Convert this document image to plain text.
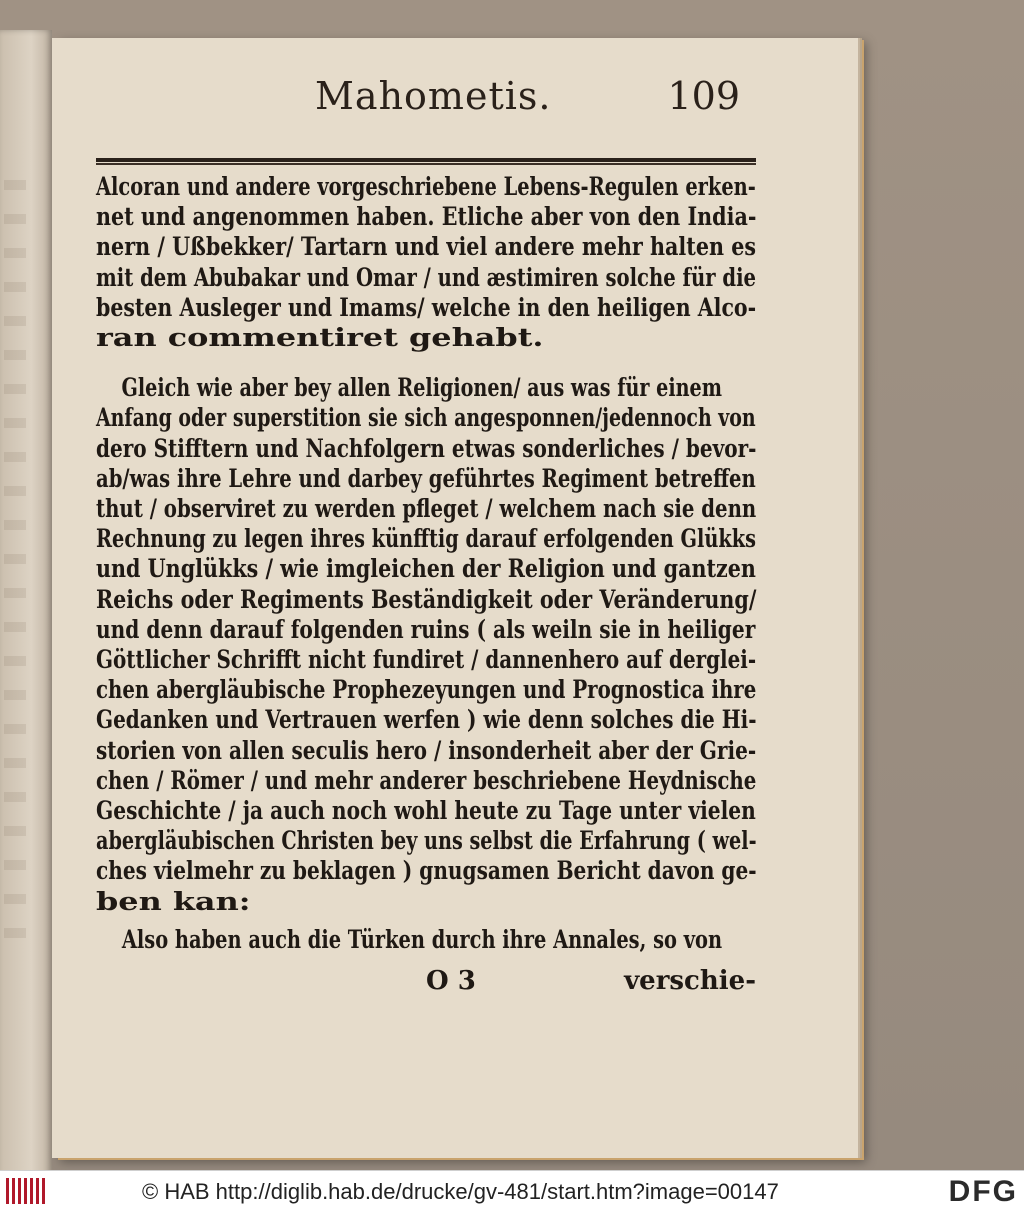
Mahometis.	109
Alcoran und andere vorgeschriebene Lebens-Regulen erken-
net und angenommen haben. Etliche aber von den India-
nern / Ußbekker/ Tartarn und viel andere mehr halten es
mit dem Abubakar und Omar / und æstimiren solche für die
besten Ausleger und Imams/ welche in den heiligen Alco-
ran commentiret gehabt.
Gleich wie aber bey allen Religionen/ aus was für einem
Anfang oder superstition sie sich angesponnen/jedennoch von
dero Stifftern und Nachfolgern etwas sonderliches / bevor-
ab/was ihre Lehre und darbey geführtes Regiment betreffen
thut / observiret zu werden pfleget / welchem nach sie denn
Rechnung zu legen ihres künfftig darauf erfolgenden Glükks
und Unglükks / wie imgleichen der Religion und gantzen
Reichs oder Regiments Beständigkeit oder Veränderung/
und denn darauf folgenden ruins ( als weiln sie in heiliger
Göttlicher Schrifft nicht fundiret / dannenhero auf derglei-
chen abergläubische Prophezeyungen und Prognostica ihre
Gedanken und Vertrauen werfen ) wie denn solches die Hi-
storien von allen seculis hero / insonderheit aber der Grie-
chen / Römer / und mehr anderer beschriebene Heydnische
Geschichte / ja auch noch wohl heute zu Tage unter vielen
abergläubischen Christen bey uns selbst die Erfahrung ( wel-
ches vielmehr zu beklagen ) gnugsamen Bericht davon ge-
ben kan:
Also haben auch die Türken durch ihre Annales, so von
O 3	verschie-
© HAB http://diglib.hab.de/drucke/gv-481/start.htm?image=00147	DFG
